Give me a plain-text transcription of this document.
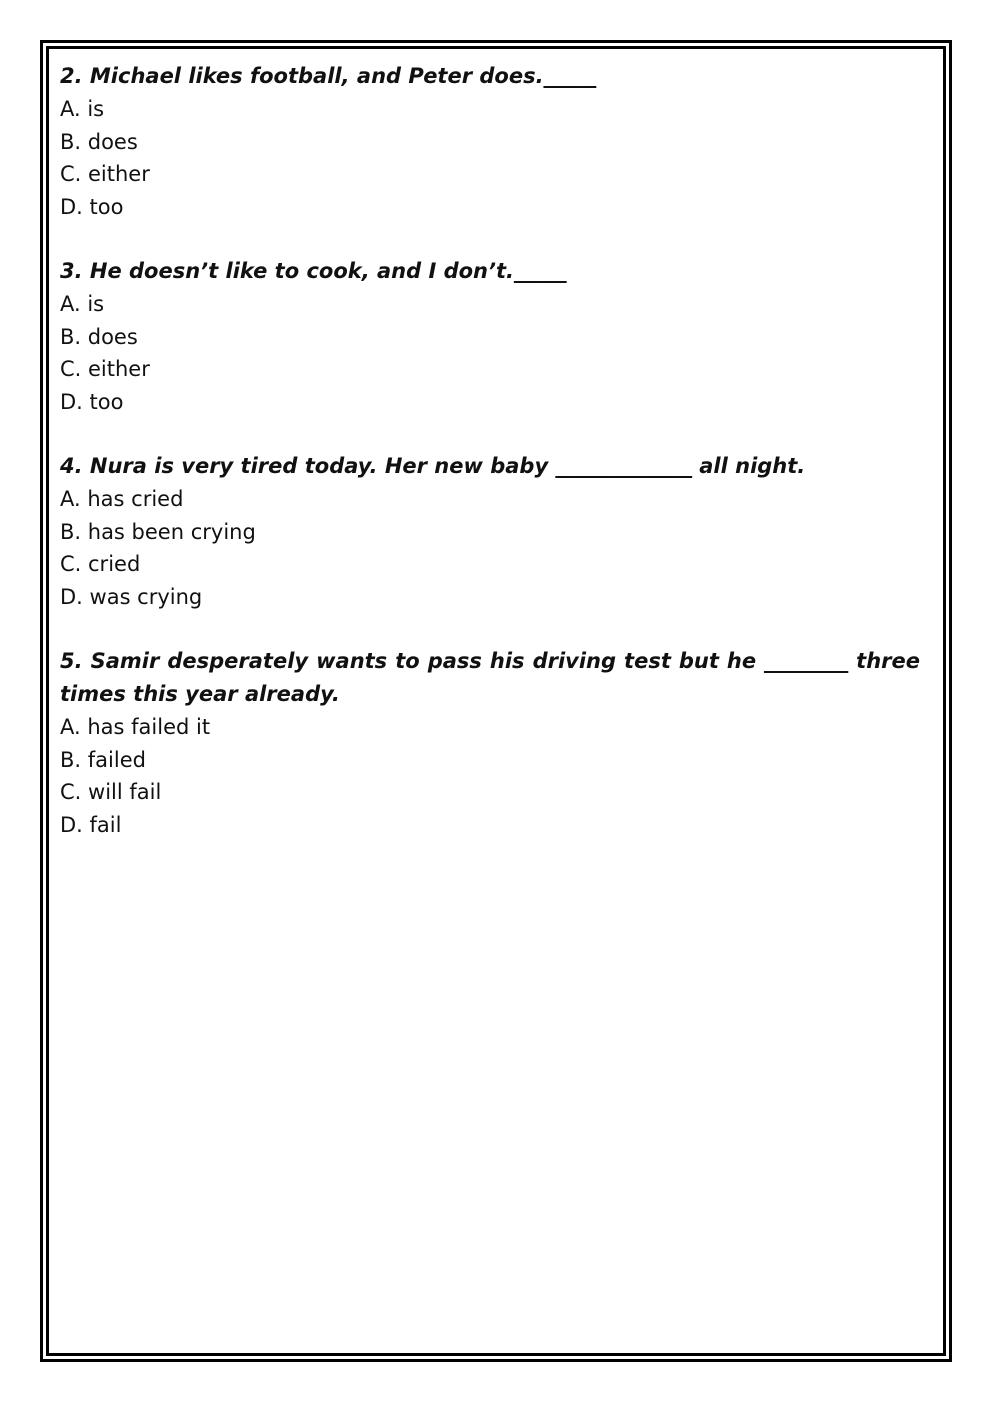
2. Michael likes football, and Peter does._____

A. is

B. does

C. either

D. too

3. He doesn’t like to cook, and I don’t._____

A. is

B. does

C. either

D. too

4. Nura is very tired today. Her new baby _____________ all night.

A. has cried

B. has been crying

C. cried

D. was crying

5. Samir desperately wants to pass his driving test but he ________ three times this year already.

A. has failed it

B. failed

C. will fail

D. fail
